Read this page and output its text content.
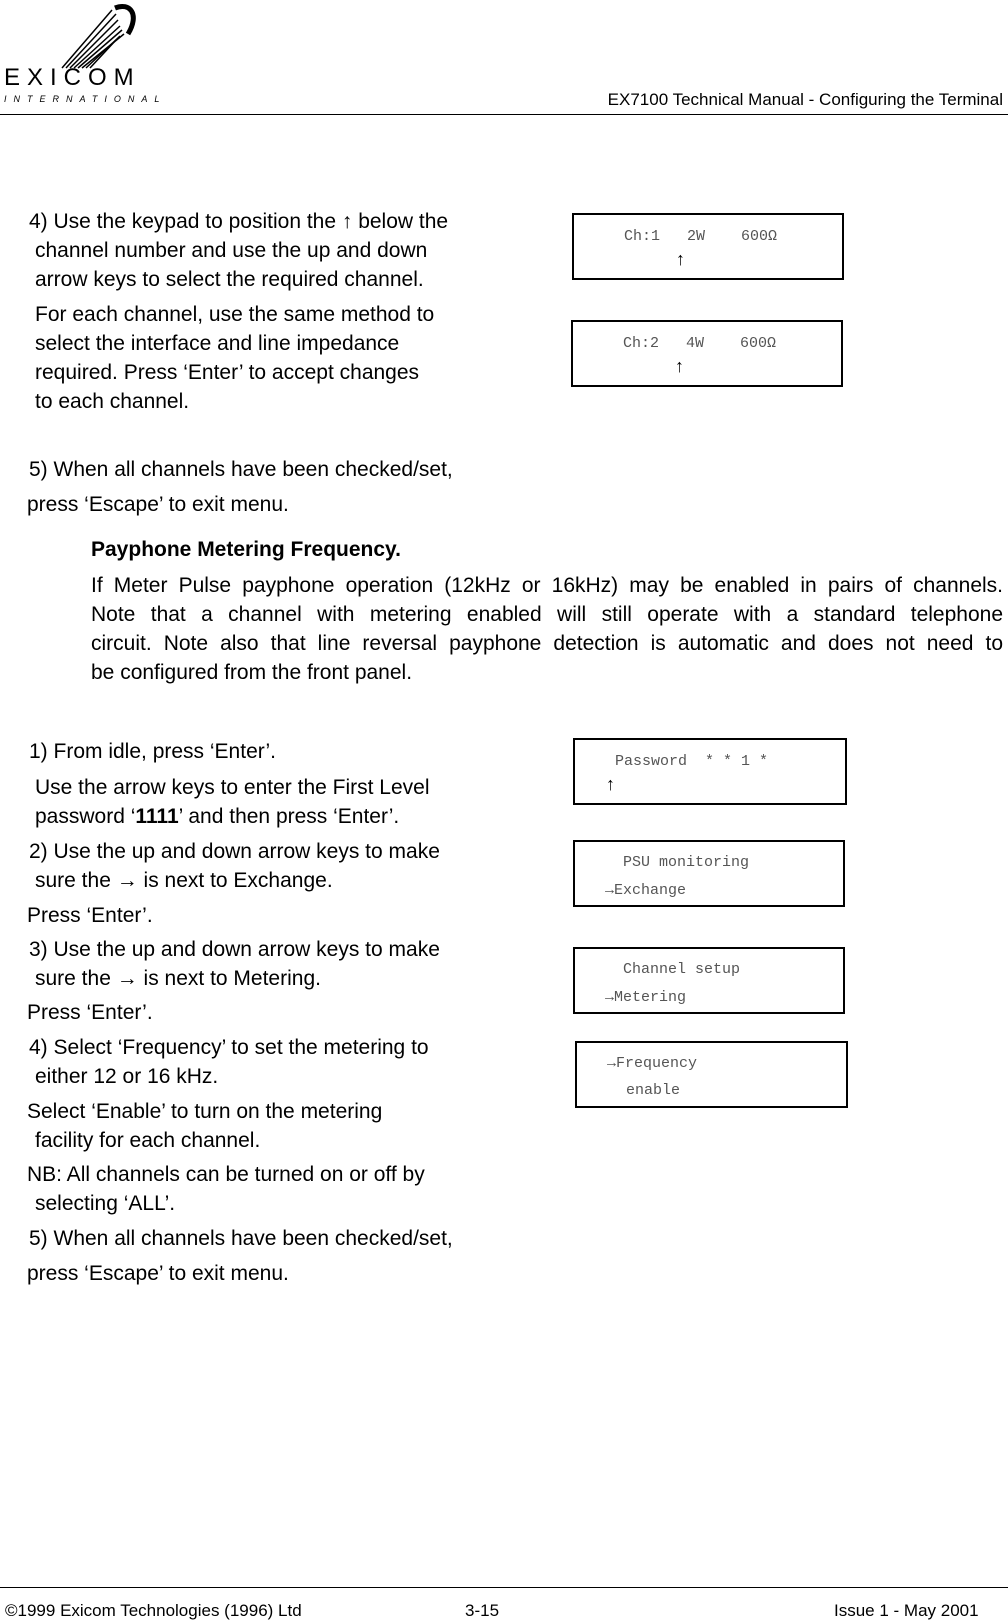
EXICOM
INTERNATIONAL	EX7100 Technical Manual - Configuring the Terminal
4) Use the keypad to position the ↑ below the
channel number and use the up and down
arrow keys to select the required channel.
For each channel, use the same method to
select the interface and line impedance
required. Press ‘Enter’ to accept changes
to each channel.
5) When all channels have been checked/set,
press ‘Escape’ to exit menu.
Ch:1   2W    600Ω
↑
Ch:2   4W    600Ω
↑
Payphone Metering Frequency.
If Meter Pulse payphone operation (12kHz or 16kHz) may be enabled in pairs of channels.
Note that a channel with metering enabled will still operate with a standard telephone
circuit. Note also that line reversal payphone detection is automatic and does not need to
be configured from the front panel.
1) From idle, press ‘Enter’.
Use the arrow keys to enter the First Level
password ‘1111’ and then press ‘Enter’.
2) Use the up and down arrow keys to make
sure the → is next to Exchange.
Press ‘Enter’.
3) Use the up and down arrow keys to make
sure the → is next to Metering.
Press ‘Enter’.
4) Select ‘Frequency’ to set the metering to
either 12 or 16 kHz.
Select ‘Enable’ to turn on the metering
facility for each channel.
NB: All channels can be turned on or off by
selecting ‘ALL’.
5) When all channels have been checked/set,
press ‘Escape’ to exit menu.
Password  * * 1 *
↑
PSU monitoring
→Exchange
Channel setup
→Metering
→Frequency
enable
©1999 Exicom Technologies (1996) Ltd	3-15	Issue 1 - May 2001
